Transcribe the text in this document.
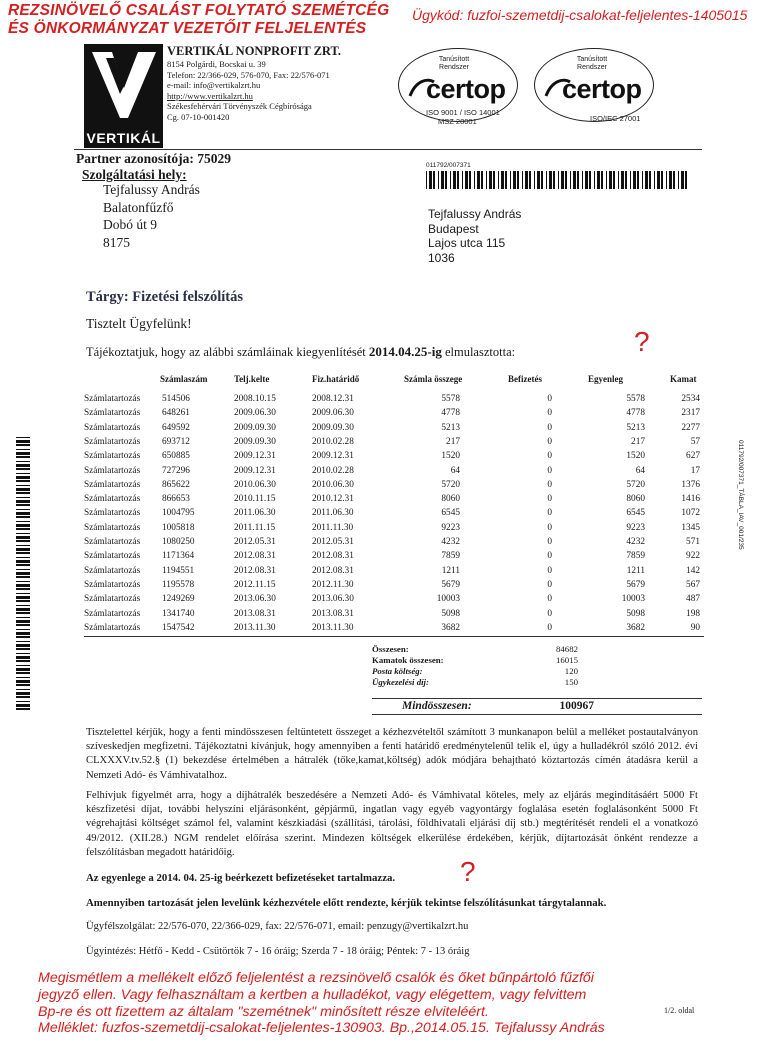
REZSINÖVELŐ CSALÁST FOLYTATÓ SZEMÉTCÉG
ÉS ÖNKORMÁNYZAT VEZETŐIT FELJELENTÉS
Ügykód: fuzfoi-szemetdij-csalokat-feljelentes-1405015
VERTIKÁL
VERTIKÁL NONPROFIT ZRT.
8154 Polgárdi, Bocskai u. 39
Telefon: 22/366-029, 576-070, Fax: 22/576-071
e-mail: info@vertikalzrt.hu
http://www.vertikalzrt.hu
Székesfehérvári Törvényszék Cégbírósága
Cg. 07-10-001420
Tanúsított
Rendszer
certop
ISO 9001 / ISO 14001
MSZ 28001
Tanúsított
Rendszer
certop
ISO/IEC 27001
Partner azonosítója: 75029
Szolgáltatási hely:
Tejfalussy András
Balatonfűzfő
Dobó út 9
8175
011792/007371
Tejfalussy András
Budapest
Lajos utca 115
1036
Tárgy: Fizetési felszólítás
Tisztelt Ügyfelünk!
Tájékoztatjuk, hogy az alábbi számláinak kiegyenlítését 2014.04.25-ig elmulasztotta:	?
Számlaszám	Telj.kelte	Fiz.határidő	Számla összege	Befizetés	Egyenleg	Kamat
Számlatartozás 514506	2008.10.15	2008.12.31	5578	0	5578	2534
Számlatartozás 648261	2009.06.30	2009.06.30	4778	0	4778	2317
Számlatartozás 649592	2009.09.30	2009.09.30	5213	0	5213	2277
Számlatartozás 693712	2009.09.30	2010.02.28	217	0	217	57
Számlatartozás 650885	2009.12.31	2009.12.31	1520	0	1520	627
Számlatartozás 727296	2009.12.31	2010.02.28	64	0	64	17
Számlatartozás 865622	2010.06.30	2010.06.30	5720	0	5720	1376
Számlatartozás 866653	2010.11.15	2010.12.31	8060	0	8060	1416
Számlatartozás 1004795	2011.06.30	2011.06.30	6545	0	6545	1072
Számlatartozás 1005818	2011.11.15	2011.11.30	9223	0	9223	1345
Számlatartozás 1080250	2012.05.31	2012.05.31	4232	0	4232	571
Számlatartozás 1171364	2012.08.31	2012.08.31	7859	0	7859	922
Számlatartozás 1194551	2012.08.31	2012.08.31	1211	0	1211	142
Számlatartozás 1195578	2012.11.15	2012.11.30	5679	0	5679	567
Számlatartozás 1249269	2013.06.30	2013.06.30	10003	0	10003	487
Számlatartozás 1341740	2013.08.31	2013.08.31	5098	0	5098	198
Számlatartozás 1547542	2013.11.30	2013.11.30	3682	0	3682	90
Összesen:	84682
Kamatok összesen:	16015
Posta költség:	120
Ügykezelési díj:	150
Mindösszesen:	100967
Tisztelettel kérjük, hogy a fenti mindösszesen feltüntetett összeget a kézhezvételtől számított 3 munkanapon belül a melléket postautalványon szíveskedjen megfizetni. Tájékoztatni kívánjuk, hogy amennyiben a fenti határidő eredménytelenül telik el, úgy a hulladékról szóló 2012. évi CLXXXV.tv.52.§ (1) bekezdése értelmében a hátralék (tőke,kamat,költség) adók módjára behajtható köztartozás címén átadásra kerül a Nemzeti Adó- és Vámhivatalhoz.
Felhívjuk figyelmét arra, hogy a díjhátralék beszedésére a Nemzeti Adó- és Vámhivatal köteles, mely az eljárás megindításáért 5000 Ft készfizetési díjat, további helyszíni eljárásonként, gépjármű, ingatlan vagy egyéb vagyontárgy foglalása esetén foglalásonként 5000 Ft végrehajtási költséget számol fel, valamint készkiadási (szállítási, tárolási, földhivatali eljárási díj stb.) megtérítését rendeli el a vonatkozó 49/2012. (XII.28.) NGM rendelet előírása szerint. Mindezen költségek elkerülése érdekében, kérjük, díjtartozását önként rendezze a felszólításban megadott határidőig.
Az egyenlege a 2014. 04. 25-ig beérkezett befizetéseket tartalmazza.	?
Amennyiben tartozását jelen levelünk kézhezvétele előtt rendezte, kérjük tekintse felszólításunkat tárgytalannak.
Ügyfélszolgálat: 22/576-070, 22/366-029, fax: 22/576-071, email: penzugy@vertikalzrt.hu
Ügyintézés: Hétfő - Kedd - Csütörtök 7 - 16 óráig; Szerda 7 - 18 óráig; Péntek: 7 - 13 óráig
Megismétlem a mellékelt előző feljelentést a rezsinövelő csalók és őket bűnpártoló fűzfői
jegyző ellen. Vagy felhasználtam a kertben a hulladékot, vagy elégettem, vagy felvittem
Bp-re és ott fizettem az általam "szemétnek" minősített része elviteléért.
Melléklet: fuzfos-szemetdij-csalokat-feljelentes-130903. Bp.,2014.05.15. Tejfalussy András
1/2. oldal
011792/007371_TÁBLA_IAV_001/235
